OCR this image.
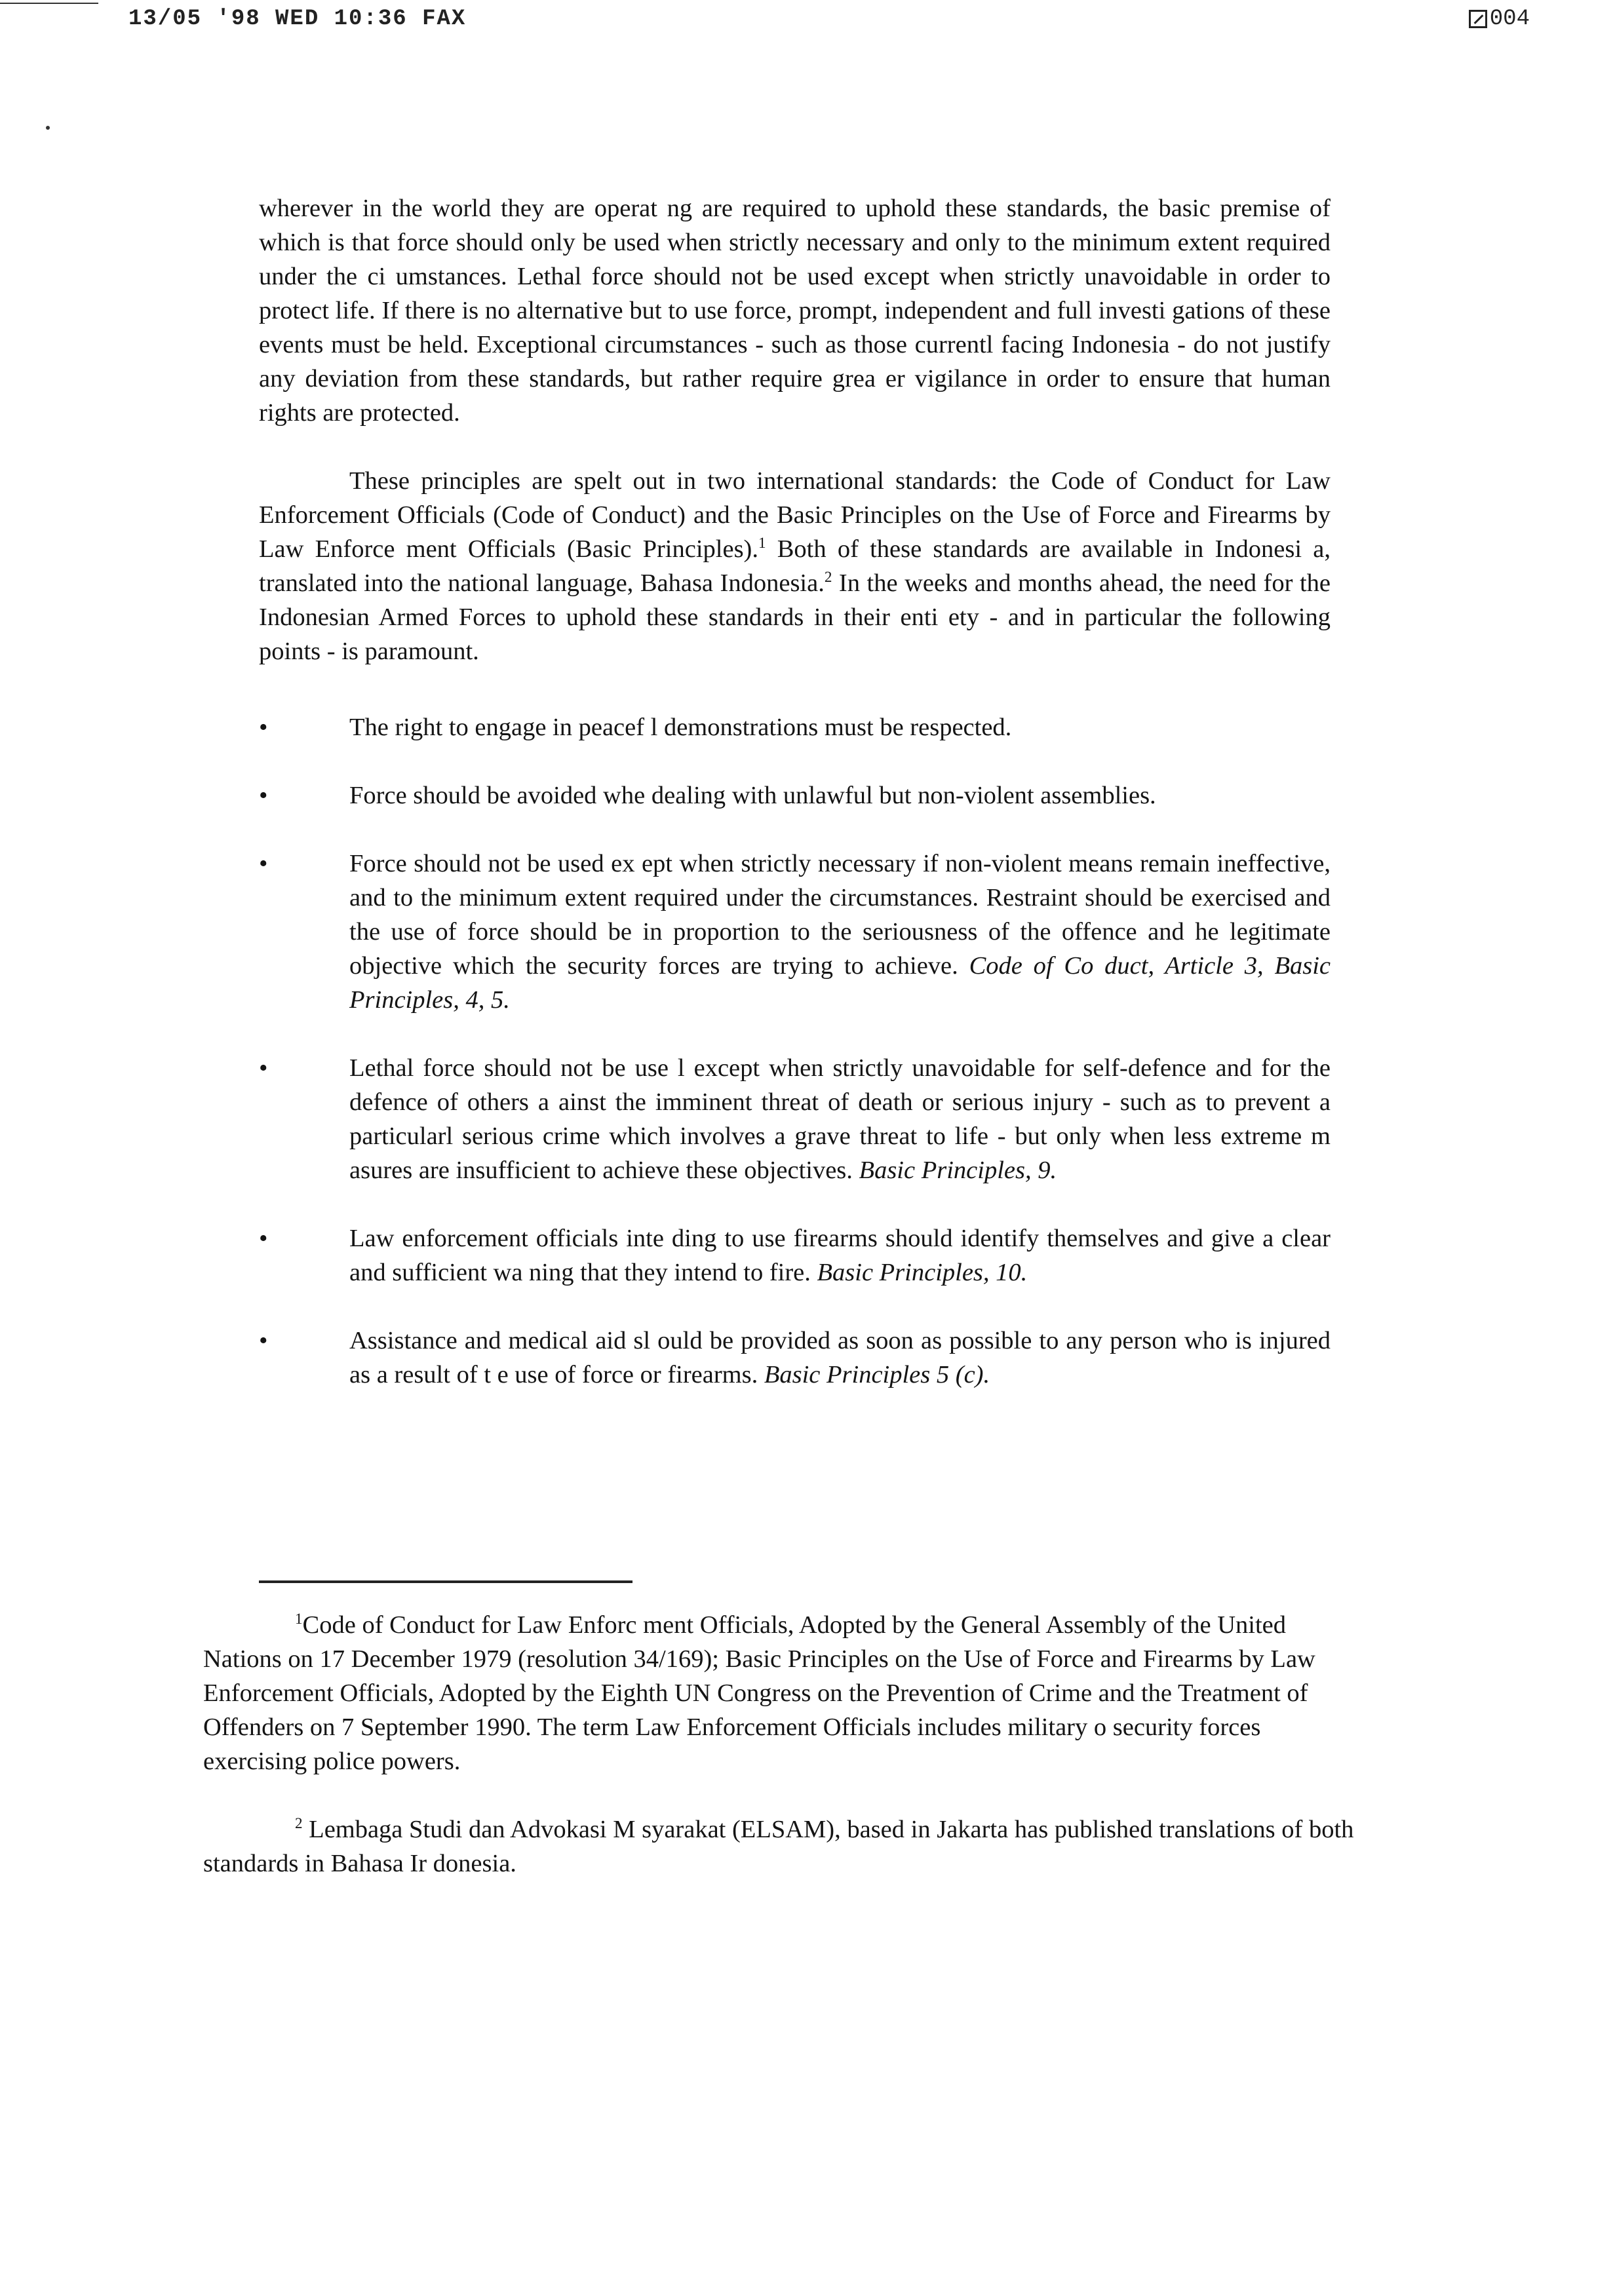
13/05 '98 WED 10:36 FAX	004

wherever in the world they are operat ng are required to uphold these standards, the basic premise of which is that force should only be used when strictly necessary and only to the minimum extent required under the ci umstances. Lethal force should not be used except when strictly unavoidable in order to protect life. If there is no alternative but to use force, prompt, independent and full investi gations of these events must be held. Exceptional circumstances - such as those currentl facing Indonesia - do not justify any deviation from these standards, but rather require grea er vigilance in order to ensure that human rights are protected.

These principles are spelt out in two international standards: the Code of Conduct for Law Enforcement Officials (Code of Conduct) and the Basic Principles on the Use of Force and Firearms by Law Enforce ment Officials (Basic Principles).$^1$ Both of these standards are available in Indonesi a, translated into the national language, Bahasa Indonesia.$^2$ In the weeks and months ahead, the need for the Indonesian Armed Forces to uphold these standards in their enti ety - and in particular the following points - is paramount.

•	The right to engage in peacef l demonstrations must be respected.
•	Force should be avoided whe dealing with unlawful but non-violent assemblies.
•	Force should not be used ex ept when strictly necessary if non-violent means remain ineffective, and to the minimum extent required under the circumstances. Restraint should be exercised and the use of force should be in proportion to the seriousness of the offence and he legitimate objective which the security forces are trying to achieve. Code of Co duct, Article 3, Basic Principles, 4, 5.
•	Lethal force should not be use l except when strictly unavoidable for self-defence and for the defence of others a ainst the imminent threat of death or serious injury - such as to prevent a particularl serious crime which involves a grave threat to life - but only when less extreme m asures are insufficient to achieve these objectives. Basic Principles, 9.
•	Law enforcement officials inte ding to use firearms should identify themselves and give a clear and sufficient wa ning that they intend to fire. Basic Principles, 10.
•	Assistance and medical aid sl ould be provided as soon as possible to any person who is injured as a result of t e use of force or firearms. Basic Principles 5 (c).

$^1$Code of Conduct for Law Enforc ment Officials, Adopted by the General Assembly of the United Nations on 17 December 1979 (resolution 34/169); Basic Principles on the Use of Force and Firearms by Law Enforcement Officials, Adopted by the Eighth UN Congress on the Prevention of Crime and the Treatment of Offenders on 7 September 1990. The term Law Enforcement Officials includes military o security forces exercising police powers.

$^2$ Lembaga Studi dan Advokasi M syarakat (ELSAM), based in Jakarta has published translations of both standards in Bahasa Ir donesia.
